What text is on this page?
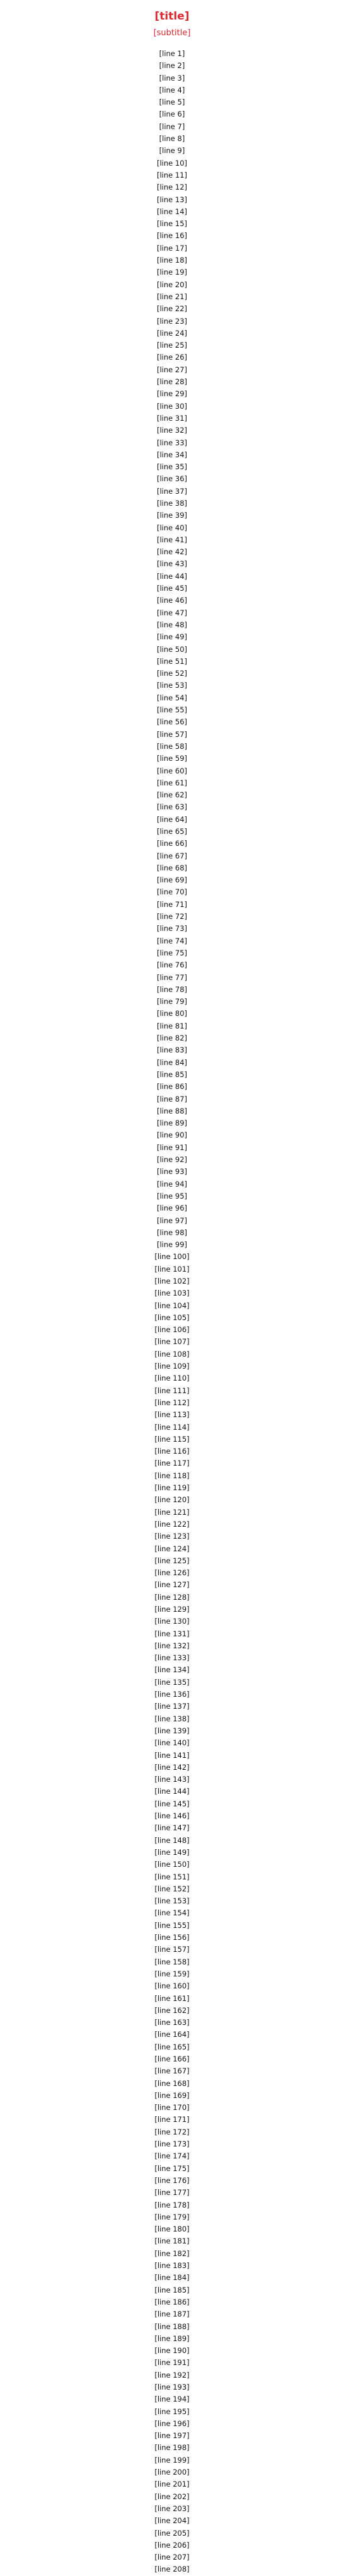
[title]
[subtitle]
[line 1]
[line 2]
[line 3]
[line 4]
[line 5]
[line 6]
[line 7]
[line 8]
[line 9]
[line 10]
[line 11]
[line 12]
[line 13]
[line 14]
[line 15]
[line 16]
[line 17]
[line 18]
[line 19]
[line 20]
[line 21]
[line 22]
[line 23]
[line 24]
[line 25]
[line 26]
[line 27]
[line 28]
[line 29]
[line 30]
[line 31]
[line 32]
[line 33]
[line 34]
[line 35]
[line 36]
[line 37]
[line 38]
[line 39]
[line 40]
[line 41]
[line 42]
[line 43]
[line 44]
[line 45]
[line 46]
[line 47]
[line 48]
[line 49]
[line 50]
[line 51]
[line 52]
[line 53]
[line 54]
[line 55]
[line 56]
[line 57]
[line 58]
[line 59]
[line 60]
[line 61]
[line 62]
[line 63]
[line 64]
[line 65]
[line 66]
[line 67]
[line 68]
[line 69]
[line 70]
[line 71]
[line 72]
[line 73]
[line 74]
[line 75]
[line 76]
[line 77]
[line 78]
[line 79]
[line 80]
[line 81]
[line 82]
[line 83]
[line 84]
[line 85]
[line 86]
[line 87]
[line 88]
[line 89]
[line 90]
[line 91]
[line 92]
[line 93]
[line 94]
[line 95]
[line 96]
[line 97]
[line 98]
[line 99]
[line 100]
[line 101]
[line 102]
[line 103]
[line 104]
[line 105]
[line 106]
[line 107]
[line 108]
[line 109]
[line 110]
[line 111]
[line 112]
[line 113]
[line 114]
[line 115]
[line 116]
[line 117]
[line 118]
[line 119]
[line 120]
[line 121]
[line 122]
[line 123]
[line 124]
[line 125]
[line 126]
[line 127]
[line 128]
[line 129]
[line 130]
[line 131]
[line 132]
[line 133]
[line 134]
[line 135]
[line 136]
[line 137]
[line 138]
[line 139]
[line 140]
[line 141]
[line 142]
[line 143]
[line 144]
[line 145]
[line 146]
[line 147]
[line 148]
[line 149]
[line 150]
[line 151]
[line 152]
[line 153]
[line 154]
[line 155]
[line 156]
[line 157]
[line 158]
[line 159]
[line 160]
[line 161]
[line 162]
[line 163]
[line 164]
[line 165]
[line 166]
[line 167]
[line 168]
[line 169]
[line 170]
[line 171]
[line 172]
[line 173]
[line 174]
[line 175]
[line 176]
[line 177]
[line 178]
[line 179]
[line 180]
[line 181]
[line 182]
[line 183]
[line 184]
[line 185]
[line 186]
[line 187]
[line 188]
[line 189]
[line 190]
[line 191]
[line 192]
[line 193]
[line 194]
[line 195]
[line 196]
[line 197]
[line 198]
[line 199]
[line 200]
[line 201]
[line 202]
[line 203]
[line 204]
[line 205]
[line 206]
[line 207]
[line 208]
